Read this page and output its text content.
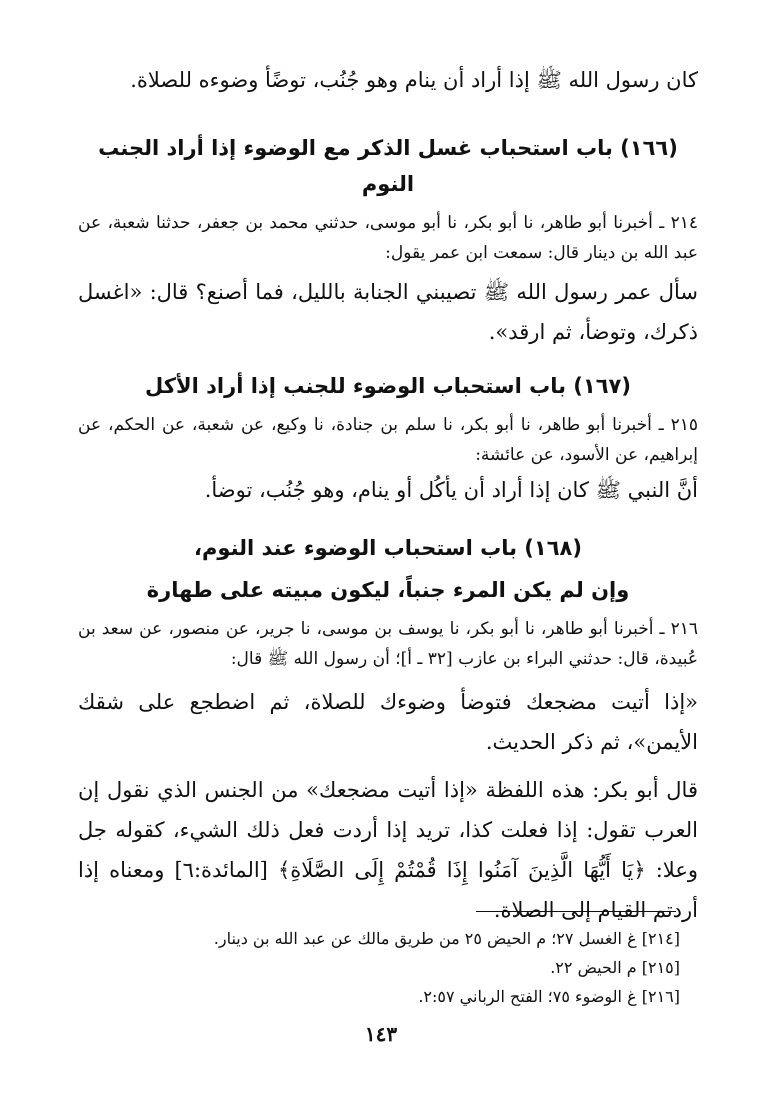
كان رسول الله ﷺ إذا أراد أن ينام وهو جُنُب، توضًأ وضوءه للصلاة.

(١٦٦) باب استحباب غسل الذكر مع الوضوء إذا أراد الجنب النوم

٢١٤ ـ أخبرنا أبو طاهر، نا أبو بكر، نا أبو موسى، حدثني محمد بن جعفر، حدثنا شعبة، عن عبد الله بن دينار قال: سمعت ابن عمر يقول:

سأل عمر رسول الله ﷺ تصيبني الجنابة بالليل، فما أصنع؟ قال: «اغسل ذكرك، وتوضأ، ثم ارقد».

(١٦٧) باب استحباب الوضوء للجنب إذا أراد الأكل

٢١٥ ـ أخبرنا أبو طاهر، نا أبو بكر، نا سلم بن جنادة، نا وكيع، عن شعبة، عن الحكم، عن إبراهيم، عن الأسود، عن عائشة:

أنَّ النبي ﷺ كان إذا أراد أن يأكُل أو ينام، وهو جُنُب، توضأ.

(١٦٨) باب استحباب الوضوء عند النوم،

وإن لم يكن المرء جنباً، ليكون مبيته على طهارة

٢١٦ ـ أخبرنا أبو طاهر، نا أبو بكر، نا يوسف بن موسى، نا جرير، عن منصور، عن سعد بن عُبيدة، قال: حدثني البراء بن عازب [٣٢ ـ أ]؛ أن رسول الله ﷺ قال:

«إذا أتيت مضجعك فتوضأ وضوءك للصلاة، ثم اضطجع على شقك الأيمن»، ثم ذكر الحديث.

قال أبو بكر: هذه اللفظة «إذا أتيت مضجعك» من الجنس الذي نقول إن العرب تقول: إذا فعلت كذا، تريد إذا أردت فعل ذلك الشيء، كقوله جل وعلا: ﴿يَا أَيُّهَا الَّذِينَ آمَنُوا إِذَا قُمْتُمْ إِلَى الصَّلَاةِ﴾ [المائدة:٦] ومعناه إذا أردتم القيام إلى الصلاة.

[٢١٤] غ الغسل ٢٧؛ م الحيض ٢٥ من طريق مالك عن عبد الله بن دينار.

[٢١٥] م الحيض ٢٢.

[٢١٦] غ الوضوء ٧٥؛ الفتح الرباني ٢:٥٧.

١٤٣
